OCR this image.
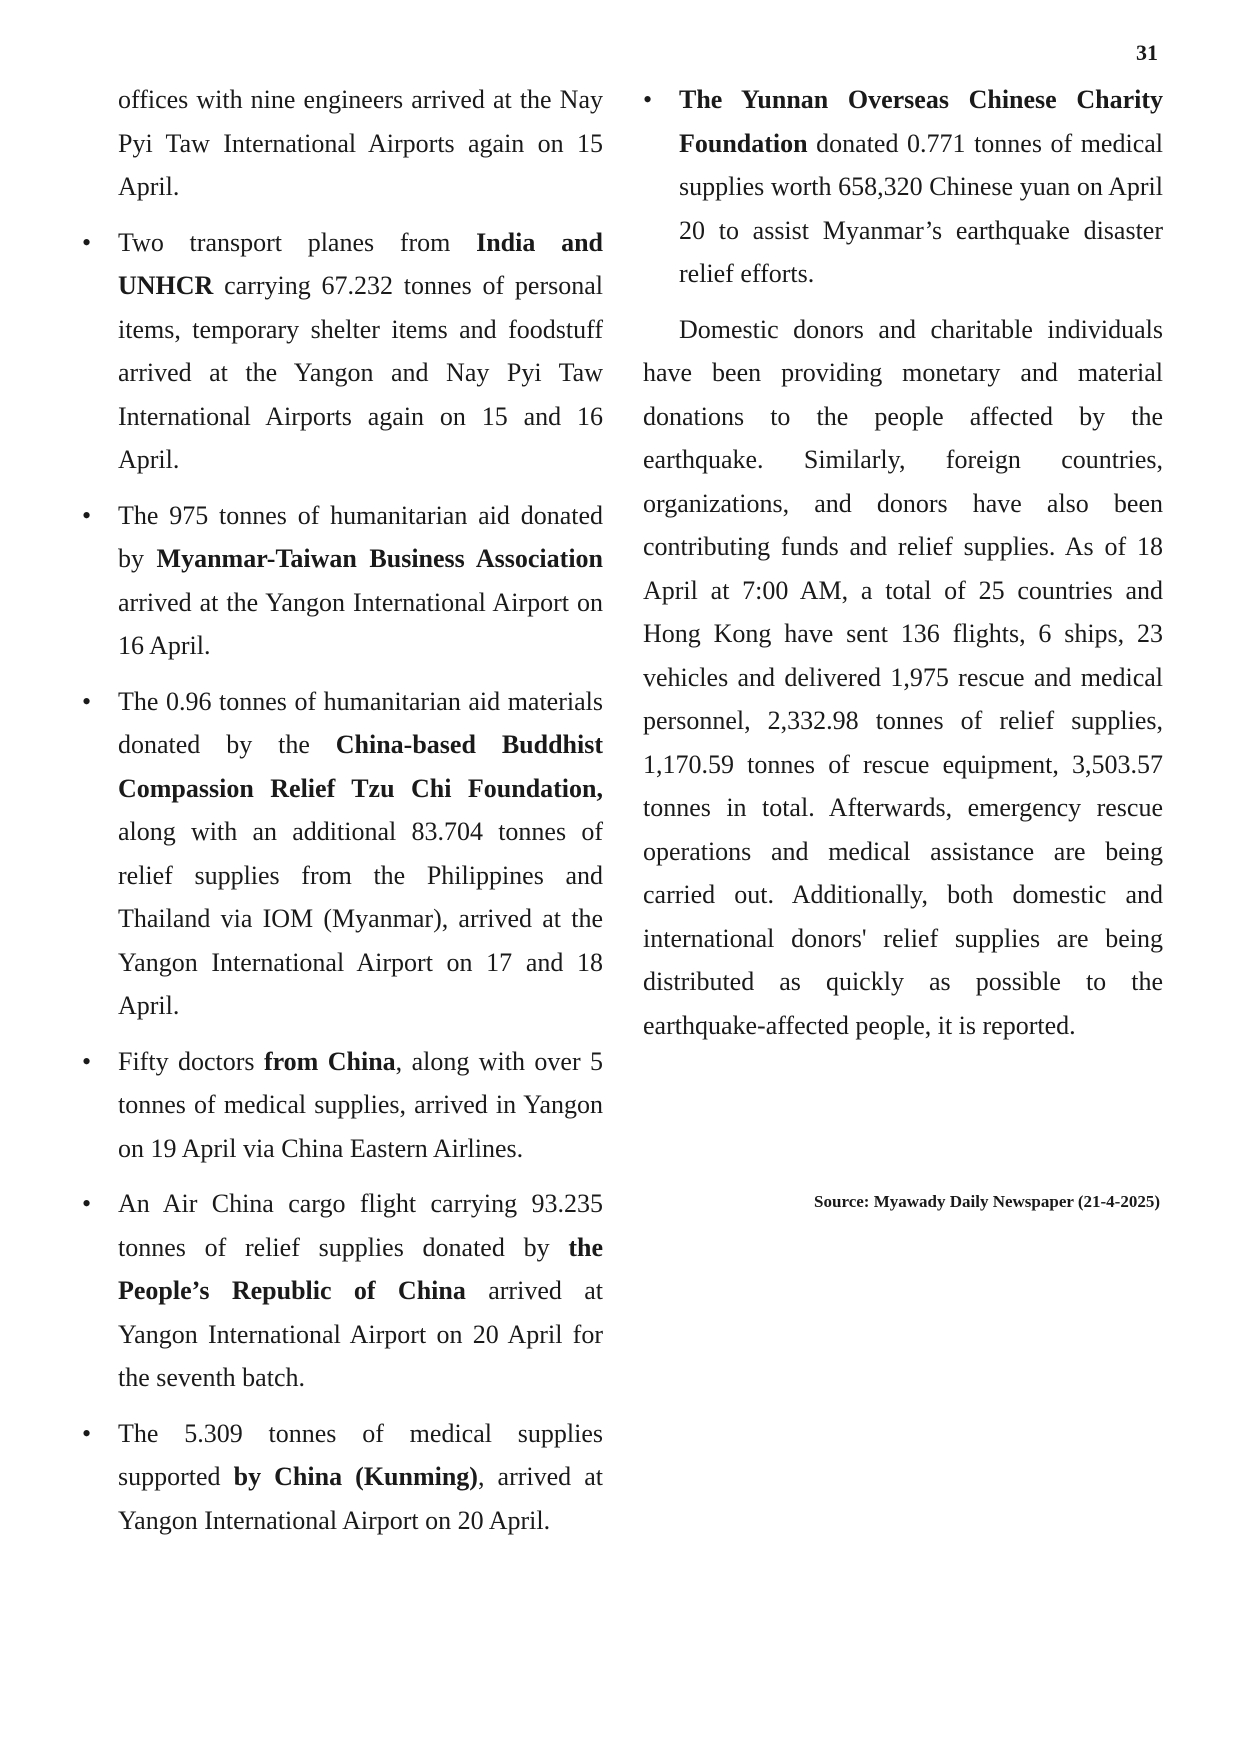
31

offices with nine engineers arrived at the Nay Pyi Taw International Airports again on 15 April.

• Two transport planes from India and UNHCR carrying 67.232 tonnes of personal items, temporary shelter items and foodstuff arrived at the Yangon and Nay Pyi Taw International Airports again on 15 and 16 April.
• The 975 tonnes of humanitarian aid donated by Myanmar-Taiwan Business Association arrived at the Yangon International Airport on 16 April.
• The 0.96 tonnes of humanitarian aid materials donated by the China-based Buddhist Compassion Relief Tzu Chi Foundation, along with an additional 83.704 tonnes of relief supplies from the Philippines and Thailand via IOM (Myanmar), arrived at the Yangon International Airport on 17 and 18 April.
• Fifty doctors from China, along with over 5 tonnes of medical supplies, arrived in Yangon on 19 April via China Eastern Airlines.
• An Air China cargo flight carrying 93.235 tonnes of relief supplies donated by the People’s Republic of China arrived at Yangon International Airport on 20 April for the seventh batch.
• The 5.309 tonnes of medical supplies supported by China (Kunming), arrived at Yangon International Airport on 20 April.
• The Yunnan Overseas Chinese Charity Foundation donated 0.771 tonnes of medical supplies worth 658,320 Chinese yuan on April 20 to assist Myanmar’s earthquake disaster relief efforts.

Domestic donors and charitable individuals have been providing monetary and material donations to the people affected by the earthquake. Similarly, foreign countries, organizations, and donors have also been contributing funds and relief supplies. As of 18 April at 7:00 AM, a total of 25 countries and Hong Kong have sent 136 flights, 6 ships, 23 vehicles and delivered 1,975 rescue and medical personnel, 2,332.98 tonnes of relief supplies, 1,170.59 tonnes of rescue equipment, 3,503.57 tonnes in total. Afterwards, emergency rescue operations and medical assistance are being carried out. Additionally, both domestic and international donors' relief supplies are being distributed as quickly as possible to the earthquake-affected people, it is reported.

Source: Myawady Daily Newspaper (21-4-2025)
